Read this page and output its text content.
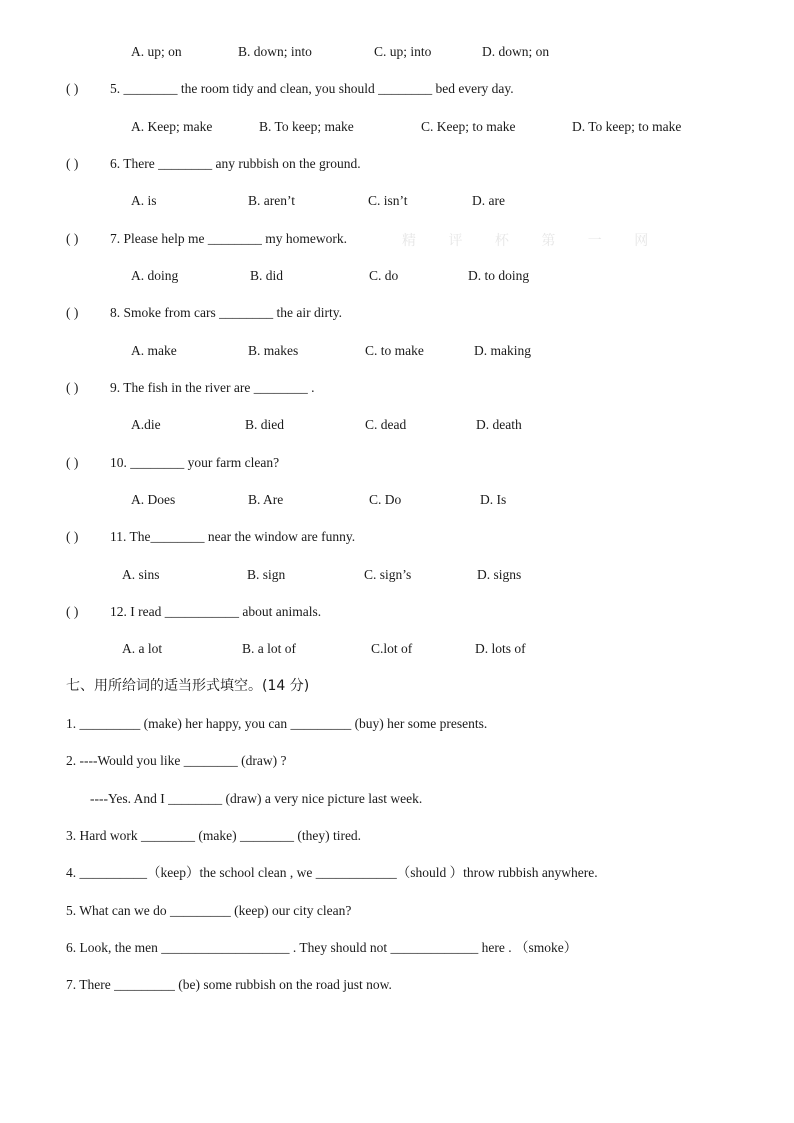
A. up; on	B. down; into	C. up; into	D. down; on
( ) 5. ________ the room tidy and clean, you should ________ bed every day.
A. Keep; make	B. To keep; make	C. Keep; to make	D. To keep; to make
( ) 6. There ________ any rubbish on the ground.
A. is	B. aren’t	C. isn’t	D. are
( ) 7. Please help me ________ my homework.	精 评 杯 第 一 网
A. doing	B. did	C. do	D. to doing
( ) 8. Smoke from cars ________ the air dirty.
A. make	B. makes	C. to make	D. making
( ) 9. The fish in the river are ________ .
A.die	B. died	C. dead	D. death
( ) 10. ________ your farm clean?
A. Does	B. Are	C. Do	D. Is
( ) 11. The________ near the window are funny.
A. sins	B. sign	C. sign’s	D. signs
( ) 12. I read ___________ about animals.
A. a lot	B. a lot of	C.lot of	D. lots of
七、用所给词的适当形式填空。(14 分)
1. _________ (make) her happy, you can _________ (buy) her some presents.
2. ----Would you like ________ (draw) ?
----Yes. And I ________ (draw) a very nice picture last week.
3. Hard work ________ (make) ________ (they) tired.
4. __________（keep）the school clean , we ____________（should ）throw rubbish anywhere.
5. What can we do _________ (keep) our city clean?
6. Look, the men ___________________ . They should not _____________ here . （smoke）
7. There _________ (be) some rubbish on the road just now.
